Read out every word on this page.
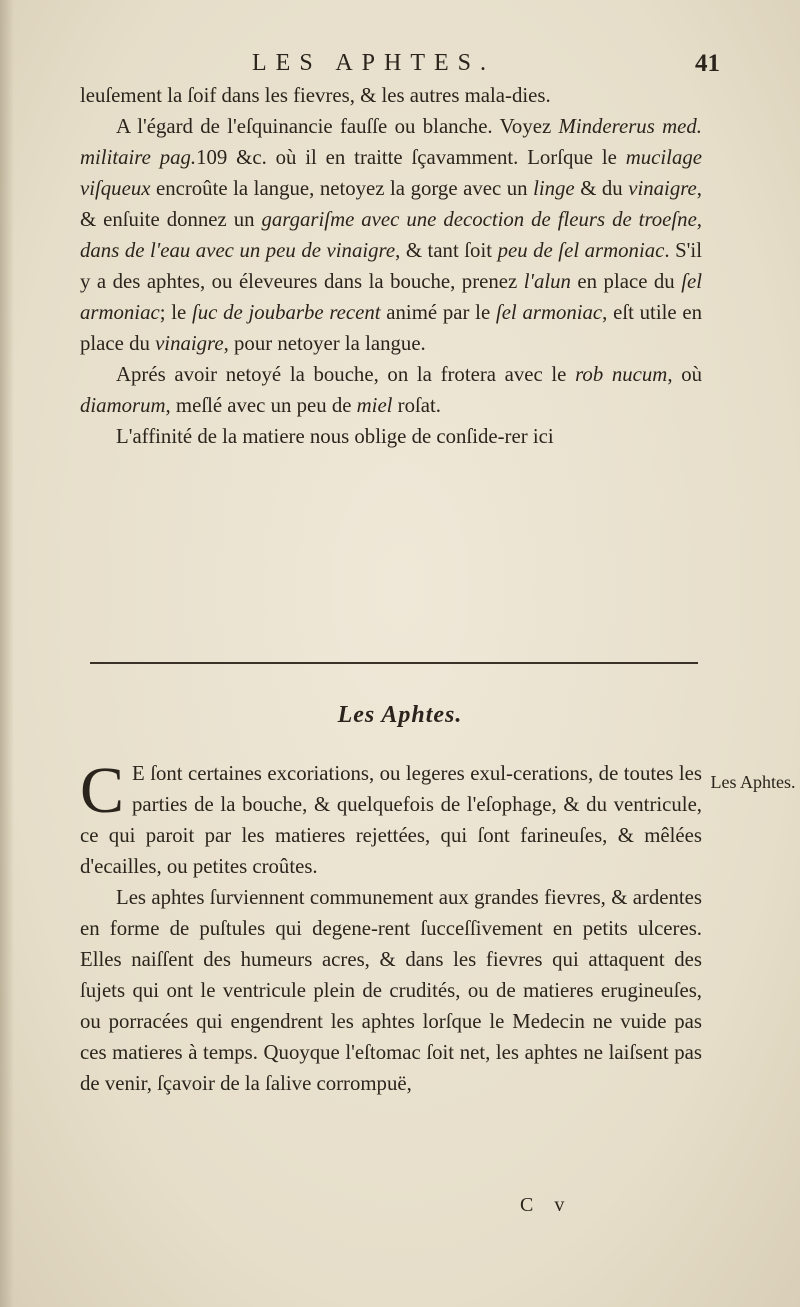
LES APHTES.	41

leuſement la ſoif dans les fievres, & les autres mala-dies.

A l'égard de l'eſquinancie fauſſe ou blanche. Voyez Mindererus med. militaire pag.109 &c. où il en traitte ſçavamment. Lorſque le mucilage viſqueux encroûte la langue, netoyez la gorge avec un linge & du vinaigre, & enſuite donnez un gargariſme avec une decoction de fleurs de troeſne, dans de l'eau avec un peu de vinaigre, & tant ſoit peu de ſel armoniac. S'il y a des aphtes, ou éleveures dans la bouche, prenez l'alun en place du ſel armoniac; le ſuc de joubarbe recent animé par le ſel armoniac, eſt utile en place du vinaigre, pour netoyer la langue.

Aprés avoir netoyé la bouche, on la frotera avec le rob nucum, où diamorum, meſlé avec un peu de miel roſat.

L'affinité de la matiere nous oblige de conſide-rer ici

Les Aphtes.

C E ſont certaines excoriations, ou legeres exul-cerations, de toutes les parties de la bouche, & quelquefois de l'eſophage, & du ventricule, ce qui paroit par les matieres rejettées, qui ſont farineuſes, & mêlées d'ecailles, ou petites croûtes.

Les aphtes ſurviennent communement aux grandes fievres, & ardentes en forme de puſtules qui degene-rent ſucceſſivement en petits ulceres. Elles naiſſent des humeurs acres, & dans les fievres qui attaquent des ſujets qui ont le ventricule plein de crudités, ou de matieres erugineuſes, ou porracées qui engendrent les aphtes lorſque le Medecin ne vuide pas ces matieres à temps. Quoyque l'eſtomac ſoit net, les aphtes ne laiſsent pas de venir, ſçavoir de la ſalive corrompuë,

Les Aphtes.
C v
